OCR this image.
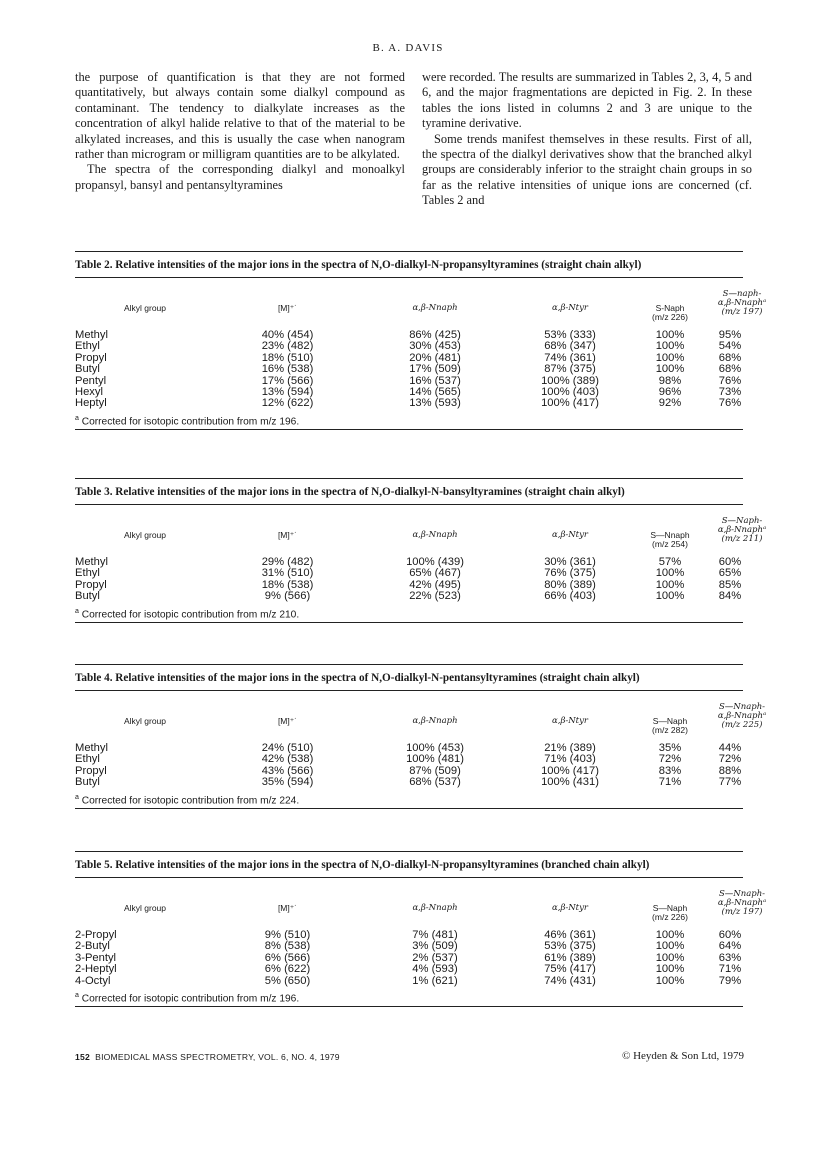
B. A. DAVIS

the purpose of quantification is that they are not formed quantitatively, but always contain some dialkyl compound as contaminant. The tendency to dialkylate increases as the concentration of alkyl halide relative to that of the material to be alkylated increases, and this is usually the case when nanogram rather than microgram or milligram quantities are to be alkylated.

The spectra of the corresponding dialkyl and monoalkyl propansyl, bansyl and pentansyltyramines

were recorded. The results are summarized in Tables 2, 3, 4, 5 and 6, and the major fragmentations are depicted in Fig. 2. In these tables the ions listed in columns 2 and 3 are unique to the tyramine derivative.

Some trends manifest themselves in these results. First of all, the spectra of the dialkyl derivatives show that the branched alkyl groups are considerably inferior to the straight chain groups in so far as the relative intensities of unique ions are concerned (cf. Tables 2 and

Table 2. Relative intensities of the major ions in the spectra of N,O-dialkyl-N-propansyltyramines (straight chain alkyl)
Alkyl group	[M]⁺˙	α,β-Nnaph	α,β-Ntyr	S-Naph
(m/z 226)
S—naph-
α,β-Nnaphᵃ
(m/z 197)
Methyl	40% (454)	86% (425)	53% (333)	100%	95%
Ethyl	23% (482)	30% (453)	68% (347)	100%	54%
Propyl	18% (510)	20% (481)	74% (361)	100%	68%
Butyl	16% (538)	17% (509)	87% (375)	100%	68%
Pentyl	17% (566)	16% (537)	100% (389)	98%	76%
Hexyl	13% (594)	14% (565)	100% (403)	96%	73%
Heptyl	12% (622)	13% (593)	100% (417)	92%	76%
$^a$ Corrected for isotopic contribution from m/z 196.
Table 3. Relative intensities of the major ions in the spectra of N,O-dialkyl-N-bansyltyramines (straight chain alkyl)
Alkyl group	[M]⁺˙	α,β-Nnaph	α,β-Ntyr	S—Nnaph
(m/z 254)
S—Naph-
α,β-Nnaphᵃ
(m/z 211)
Methyl	29% (482)	100% (439)	30% (361)	57%	60%
Ethyl	31% (510)	65% (467)	76% (375)	100%	65%
Propyl	18% (538)	42% (495)	80% (389)	100%	85%
Butyl	9% (566)	22% (523)	66% (403)	100%	84%
$^a$ Corrected for isotopic contribution from m/z 210.
Table 4. Relative intensities of the major ions in the spectra of N,O-dialkyl-N-pentansyltyramines (straight chain alkyl)
Alkyl group	[M]⁺˙	α,β-Nnaph	α,β-Ntyr	S—Naph
(m/z 282)
S—Nnaph-
α,β-Nnaphᵃ
(m/z 225)
Methyl	24% (510)	100% (453)	21% (389)	35%	44%
Ethyl	42% (538)	100% (481)	71% (403)	72%	72%
Propyl	43% (566)	87% (509)	100% (417)	83%	88%
Butyl	35% (594)	68% (537)	100% (431)	71%	77%
$^a$ Corrected for isotopic contribution from m/z 224.
Table 5. Relative intensities of the major ions in the spectra of N,O-dialkyl-N-propansyltyramines (branched chain alkyl)
Alkyl group	[M]⁺˙	α,β-Nnaph	α,β-Ntyr	S—Naph
(m/z 226)
S—Nnaph-
α,β-Nnaphᵃ
(m/z 197)
2-Propyl	9% (510)	7% (481)	46% (361)	100%	60%
2-Butyl	8% (538)	3% (509)	53% (375)	100%	64%
3-Pentyl	6% (566)	2% (537)	61% (389)	100%	63%
2-Heptyl	6% (622)	4% (593)	75% (417)	100%	71%
4-Octyl	5% (650)	1% (621)	74% (431)	100%	79%
$^a$ Corrected for isotopic contribution from m/z 196.
152 BIOMEDICAL MASS SPECTROMETRY, VOL. 6, NO. 4, 1979	© Heyden & Son Ltd, 1979
